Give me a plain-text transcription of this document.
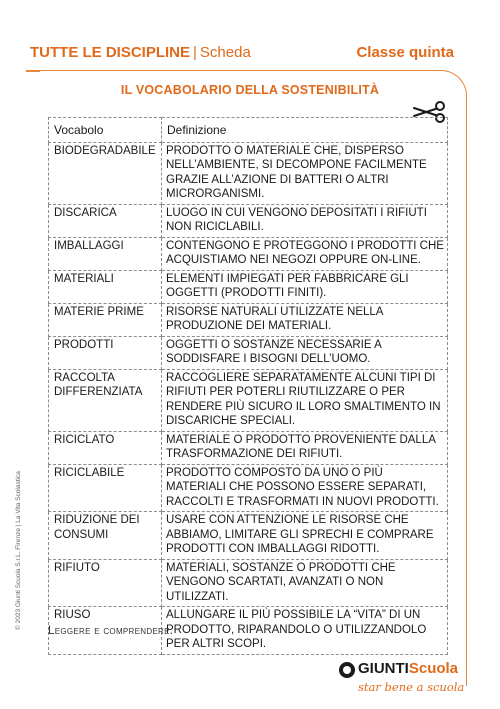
TUTTE LE DISCIPLINE | Scheda	Classe quinta
IL VOCABOLARIO DELLA SOSTENIBILITÀ
Vocabolo	Definizione
BIODEGRADABILE	PRODOTTO O MATERIALE CHE, DISPERSO NELL’AMBIENTE, SI DECOMPONE FACILMENTE GRAZIE ALL’AZIONE DI BATTERI O ALTRI MICRORGANISMI.
DISCARICA	LUOGO IN CUI VENGONO DEPOSITATI I RIFIUTI NON RICICLABILI.
IMBALLAGGI	CONTENGONO E PROTEGGONO I PRODOTTI CHE ACQUISTIAMO NEI NEGOZI OPPURE ON-LINE.
MATERIALI	ELEMENTI IMPIEGATI PER FABBRICARE GLI OGGETTI (PRODOTTI FINITI).
MATERIE PRIME	RISORSE NATURALI UTILIZZATE NELLA PRODUZIONE DEI MATERIALI.
PRODOTTI	OGGETTI O SOSTANZE NECESSARIE A SODDISFARE I BISOGNI DELL’UOMO.
RACCOLTA DIFFERENZIATA	RACCOGLIERE SEPARATAMENTE ALCUNI TIPI DI RIFIUTI PER POTERLI RIUTILIZZARE O PER RENDERE PIÙ SICURO IL LORO SMALTIMENTO IN DISCARICHE SPECIALI.
RICICLATO	MATERIALE O PRODOTTO PROVENIENTE DALLA TRASFORMAZIONE DEI RIFIUTI.
RICICLABILE	PRODOTTO COMPOSTO DA UNO O PIÙ MATERIALI CHE POSSONO ESSERE SEPARATI, RACCOLTI E TRASFORMATI IN NUOVI PRODOTTI.
RIDUZIONE DEI CONSUMI	USARE CON ATTENZIONE LE RISORSE CHE ABBIAMO, LIMITARE GLI SPRECHI E COMPRARE PRODOTTI CON IMBALLAGGI RIDOTTI.
RIFIUTO	MATERIALI, SOSTANZE O PRODOTTI CHE VENGONO SCARTATI, AVANZATI O NON UTILIZZATI.
RIUSO	ALLUNGARE IL PIÙ POSSIBILE LA “VITA” DI UN PRODOTTO, RIPARANDOLO O UTILIZZANDOLO PER ALTRI SCOPI.
Leggere e comprendere.
© 2023 Giunti Scuola S.r.L. Firenze | La Vita Scolastica
GIUNTIScuola
star bene a scuola
